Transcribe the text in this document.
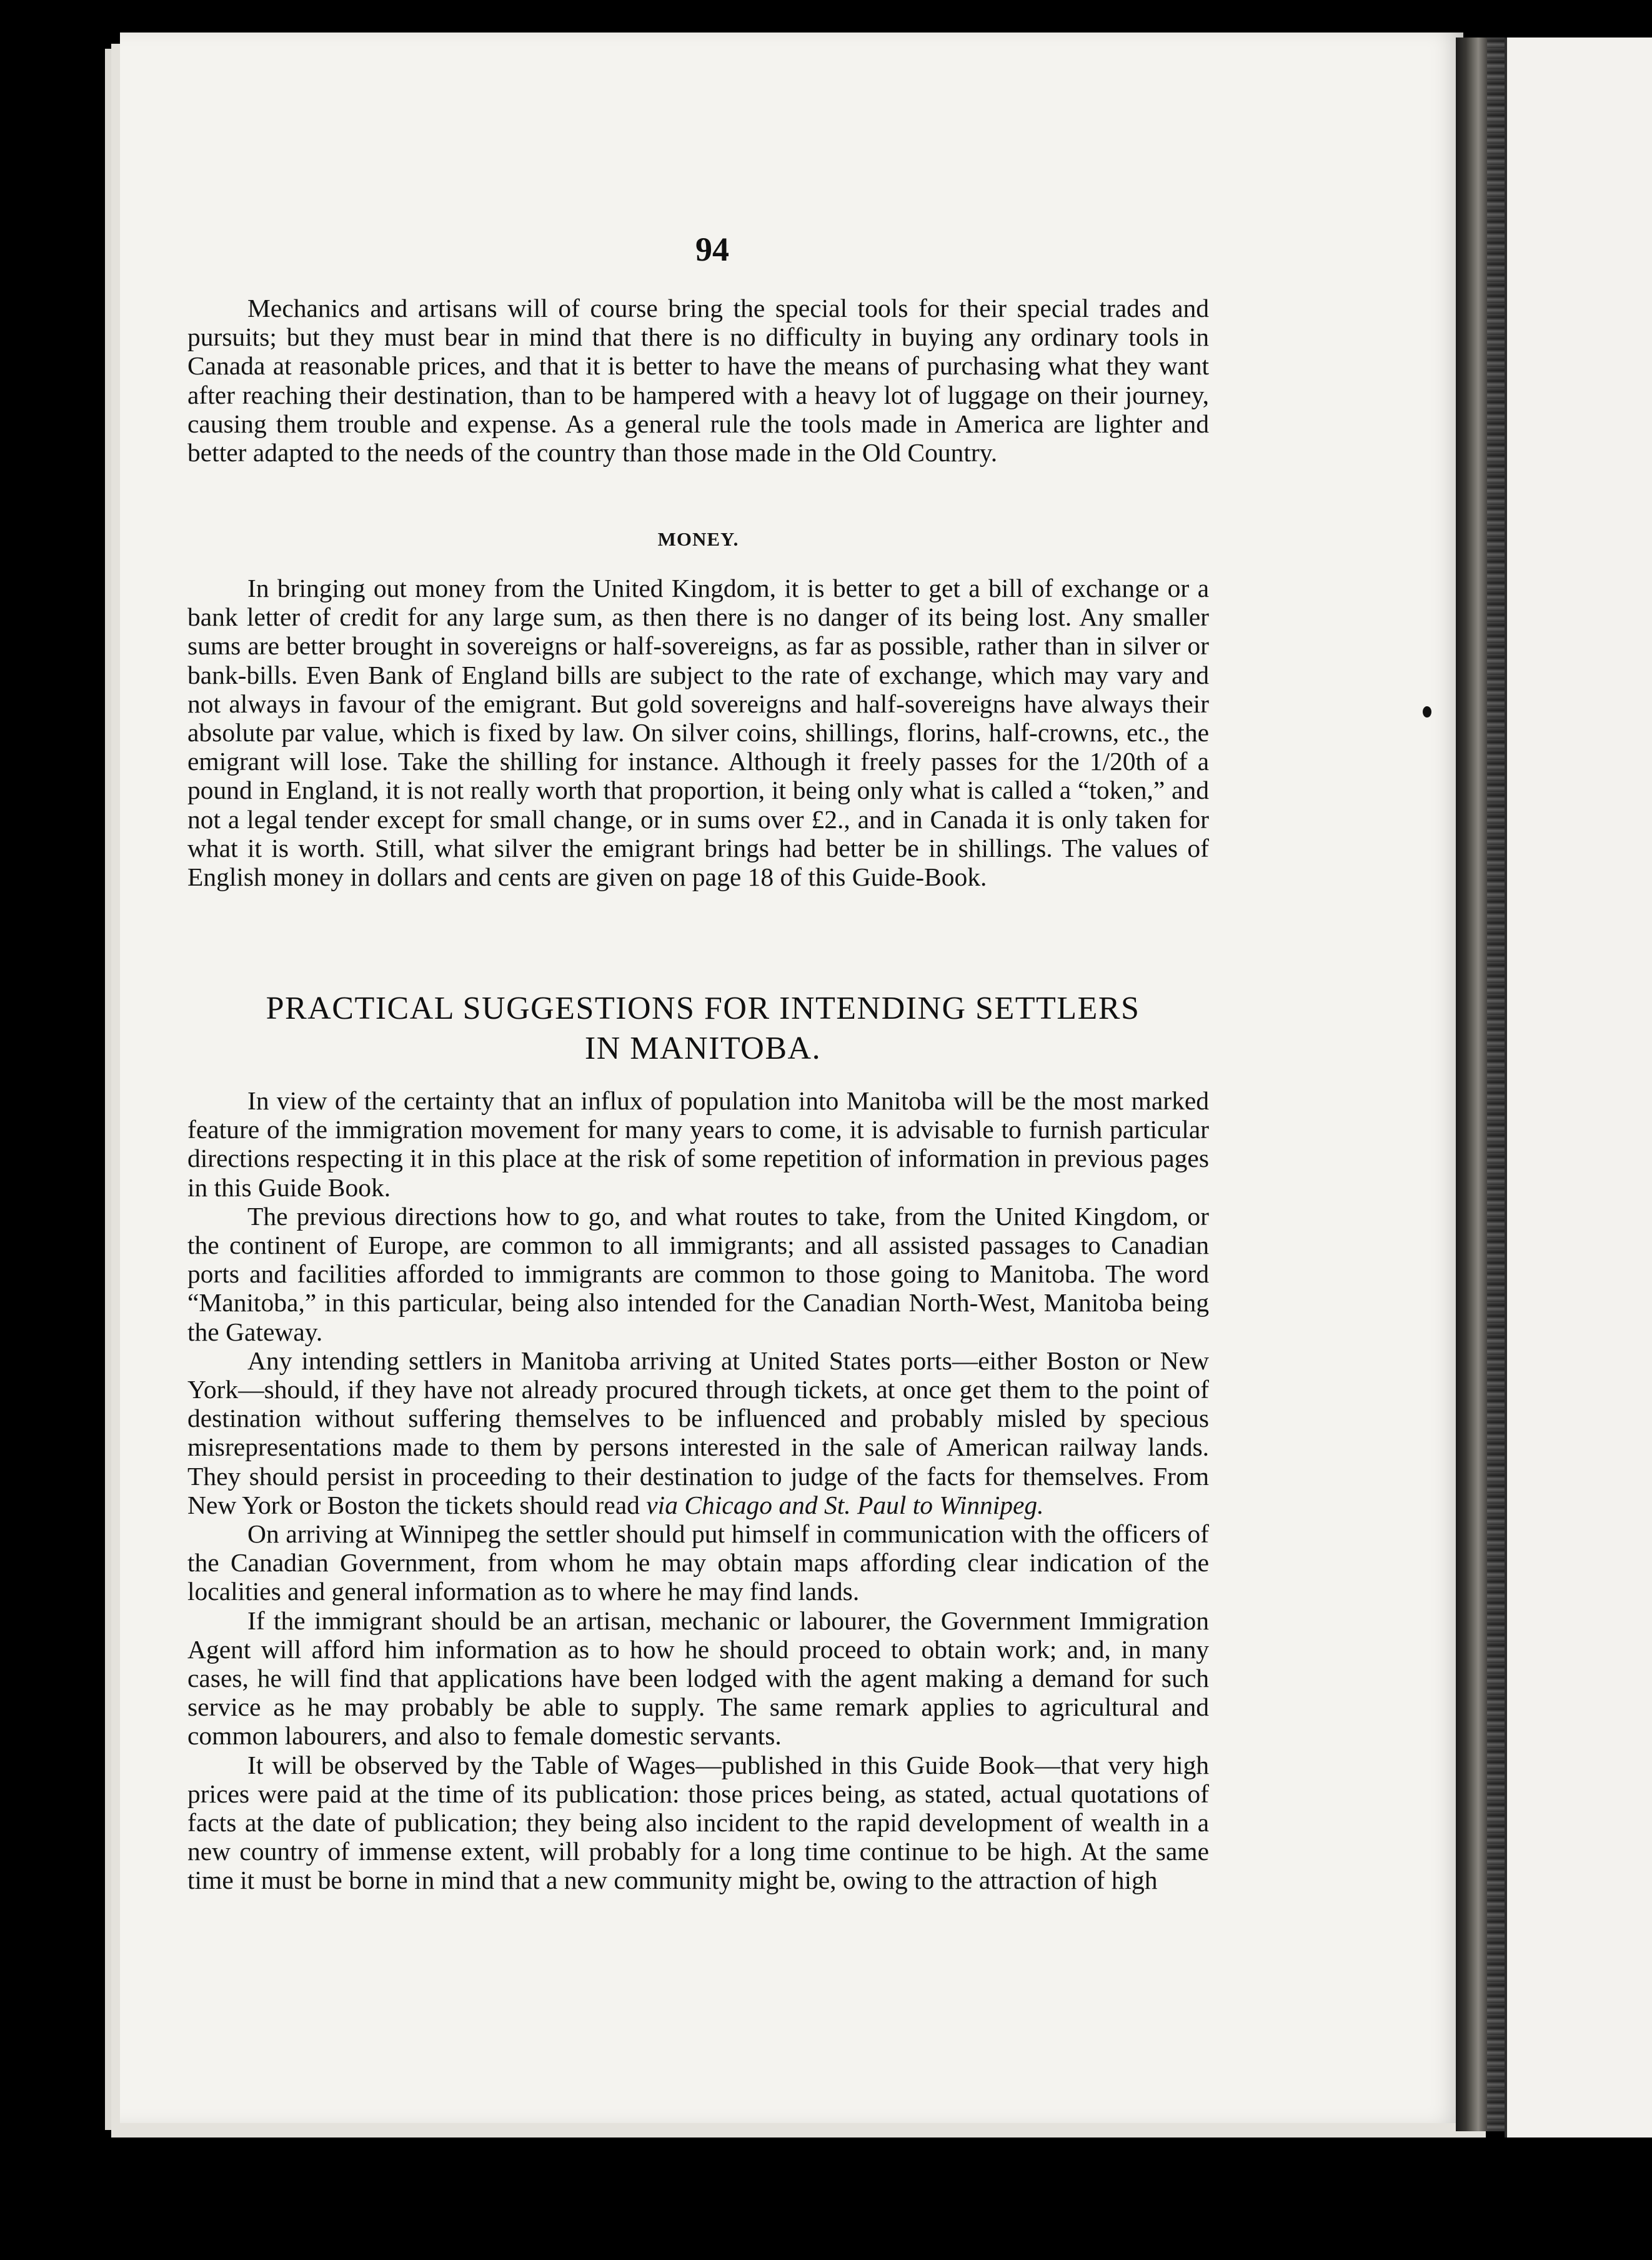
94

Mechanics and artisans will of course bring the special tools for their special trades and pursuits; but they must bear in mind that there is no difficulty in buying any ordinary tools in Canada at reasonable prices, and that it is better to have the means of purchasing what they want after reaching their destination, than to be hampered with a heavy lot of luggage on their journey, causing them trouble and expense. As a general rule the tools made in America are lighter and better adapted to the needs of the country than those made in the Old Country.

MONEY.

In bringing out money from the United Kingdom, it is better to get a bill of exchange or a bank letter of credit for any large sum, as then there is no danger of its being lost. Any smaller sums are better brought in sovereigns or half-sovereigns, as far as possible, rather than in silver or bank-bills. Even Bank of England bills are subject to the rate of exchange, which may vary and not always in favour of the emigrant. But gold sovereigns and half-sovereigns have always their absolute par value, which is fixed by law. On silver coins, shillings, florins, half-crowns, etc., the emigrant will lose. Take the shilling for instance. Although it freely passes for the 1/20th of a pound in England, it is not really worth that proportion, it being only what is called a “token,” and not a legal tender except for small change, or in sums over £2., and in Canada it is only taken for what it is worth. Still, what silver the emigrant brings had better be in shillings. The values of English money in dollars and cents are given on page 18 of this Guide-Book.

PRACTICAL SUGGESTIONS FOR INTENDING SETTLERS
IN MANITOBA.

In view of the certainty that an influx of population into Manitoba will be the most marked feature of the immigration movement for many years to come, it is advisable to furnish particular directions respecting it in this place at the risk of some repetition of information in previous pages in this Guide Book.

The previous directions how to go, and what routes to take, from the United Kingdom, or the continent of Europe, are common to all immigrants; and all assisted passages to Canadian ports and facilities afforded to immigrants are common to those going to Manitoba. The word “Manitoba,” in this particular, being also intended for the Canadian North-West, Manitoba being the Gateway.

Any intending settlers in Manitoba arriving at United States ports—either Boston or New York—should, if they have not already procured through tickets, at once get them to the point of destination without suffering themselves to be influenced and probably misled by specious misrepresentations made to them by persons interested in the sale of American railway lands. They should persist in proceeding to their destination to judge of the facts for themselves. From New York or Boston the tickets should read via Chicago and St. Paul to Winnipeg.

On arriving at Winnipeg the settler should put himself in communication with the officers of the Canadian Government, from whom he may obtain maps affording clear indication of the localities and general information as to where he may find lands.

If the immigrant should be an artisan, mechanic or labourer, the Government Immigration Agent will afford him information as to how he should proceed to obtain work; and, in many cases, he will find that applications have been lodged with the agent making a demand for such service as he may probably be able to supply. The same remark applies to agricultural and common labourers, and also to female domestic servants.

It will be observed by the Table of Wages—published in this Guide Book—that very high prices were paid at the time of its publication: those prices being, as stated, actual quotations of facts at the date of publication; they being also incident to the rapid development of wealth in a new country of immense extent, will probably for a long time continue to be high. At the same time it must be borne in mind that a new community might be, owing to the attraction of high
